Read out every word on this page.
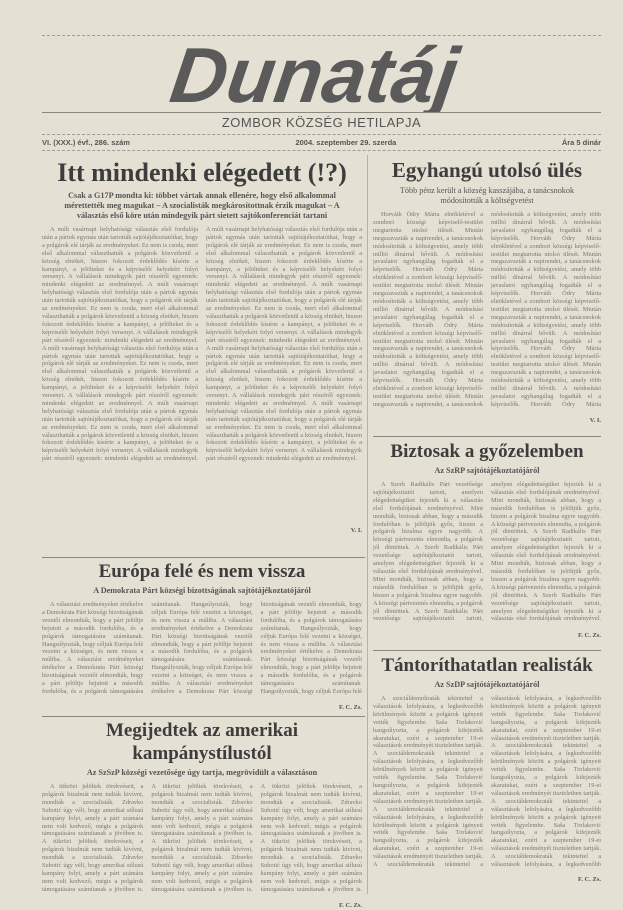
Dunatáj
ZOMBOR KÖZSÉG HETILAPJA
VI. (XXX.) évf., 286. szám	2004. szeptember 29. szerda	Ára 5 dinár
Itt mindenki elégedett (!?)
Csak a G17P mondta ki: többet vártak annak ellenére, hogy első alkalommal mérettették meg magukat – A szocialisták megkárosítottnak érzik magukat – A választás első köre után mindegyik párt sietett sajtókonferenciát tartani
A múlt vasárnapi helyhatósági választás első fordulója után a pártok egymás után tartották sajtótájékoztatóikat, hogy a polgárok elé tárják az eredményeket. Ez nem is csoda, mert első alkalommal választhatták a polgárok közvetlenül a község elnökét, hiszen fokozott érdeklődés kísérte a kampányt, a jelölteket és a képviselői helyekért folyó versenyt. A vállalások mindegyik párt részéről egyeznek: mindenki elégedett az eredménnyel. A múlt vasárnapi helyhatósági választás első fordulója után a pártok egymás után tartották sajtótájékoztatóikat, hogy a polgárok elé tárják az eredményeket. Ez nem is csoda, mert első alkalommal választhatták a polgárok közvetlenül a község elnökét, hiszen fokozott érdeklődés kísérte a kampányt, a jelölteket és a képviselői helyekért folyó versenyt. A vállalások mindegyik párt részéről egyeznek: mindenki elégedett az eredménnyel. A múlt vasárnapi helyhatósági választás első fordulója után a pártok egymás után tartották sajtótájékoztatóikat, hogy a polgárok elé tárják az eredményeket. Ez nem is csoda, mert első alkalommal választhatták a polgárok közvetlenül a község elnökét, hiszen fokozott érdeklődés kísérte a kampányt, a jelölteket és a képviselői helyekért folyó versenyt. A vállalások mindegyik párt részéről egyeznek: mindenki elégedett az eredménnyel. A múlt vasárnapi helyhatósági választás első fordulója után a pártok egymás után tartották sajtótájékoztatóikat, hogy a polgárok elé tárják az eredményeket. Ez nem is csoda, mert első alkalommal választhatták a polgárok közvetlenül a község elnökét, hiszen fokozott érdeklődés kísérte a kampányt, a jelölteket és a képviselői helyekért folyó versenyt. A vállalások mindegyik párt részéről egyeznek: mindenki elégedett az eredménnyel. A múlt vasárnapi helyhatósági választás első fordulója után a pártok egymás után tartották sajtótájékoztatóikat, hogy a polgárok elé tárják az eredményeket. Ez nem is csoda, mert első alkalommal választhatták a polgárok közvetlenül a község elnökét, hiszen fokozott érdeklődés kísérte a kampányt, a jelölteket és a képviselői helyekért folyó versenyt. A vállalások mindegyik párt részéről egyeznek: mindenki elégedett az eredménnyel. A múlt vasárnapi helyhatósági választás első fordulója után a pártok egymás után tartották sajtótájékoztatóikat, hogy a polgárok elé tárják az eredményeket. Ez nem is csoda, mert első alkalommal választhatták a polgárok közvetlenül a község elnökét, hiszen fokozott érdeklődés kísérte a kampányt, a jelölteket és a képviselői helyekért folyó versenyt. A vállalások mindegyik párt részéről egyeznek: mindenki elégedett az eredménnyel. A múlt vasárnapi helyhatósági választás első fordulója után a pártok egymás után tartották sajtótájékoztatóikat, hogy a polgárok elé tárják az eredményeket. Ez nem is csoda, mert első alkalommal választhatták a polgárok közvetlenül a község elnökét, hiszen fokozott érdeklődés kísérte a kampányt, a jelölteket és a képviselői helyekért folyó versenyt. A vállalások mindegyik párt részéről egyeznek: mindenki elégedett az eredménnyel. A múlt vasárnapi helyhatósági választás első fordulója után a pártok egymás után tartották sajtótájékoztatóikat, hogy a polgárok elé tárják az eredményeket. Ez nem is csoda, mert első alkalommal választhatták a polgárok közvetlenül a község elnökét, hiszen fokozott érdeklődés kísérte a kampányt, a jelölteket és a képviselői helyekért folyó versenyt. A vállalások mindegyik párt részéről egyeznek: mindenki elégedett az eredménnyel.
V. I.
Egyhangú utolsó ülés
Több pénz került a község kasszájába, a tanácsnokok módosították a költségvetést
Horváth Ódry Márta elnökletével a zombori községi képviselő-testület megtartotta utolsó ülését. Miután megszavazták a napirendet, a tanácsnokok módosították a költségvetést, amely több millió dinárral bővült. A módosítási javaslatot egyhangúlag fogadták el a képviselők. Horváth Ódry Márta elnökletével a zombori községi képviselő-testület megtartotta utolsó ülését. Miután megszavazták a napirendet, a tanácsnokok módosították a költségvetést, amely több millió dinárral bővült. A módosítási javaslatot egyhangúlag fogadták el a képviselők. Horváth Ódry Márta elnökletével a zombori községi képviselő-testület megtartotta utolsó ülését. Miután megszavazták a napirendet, a tanácsnokok módosították a költségvetést, amely több millió dinárral bővült. A módosítási javaslatot egyhangúlag fogadták el a képviselők. Horváth Ódry Márta elnökletével a zombori községi képviselő-testület megtartotta utolsó ülését. Miután megszavazták a napirendet, a tanácsnokok módosították a költségvetést, amely több millió dinárral bővült. A módosítási javaslatot egyhangúlag fogadták el a képviselők. Horváth Ódry Márta elnökletével a zombori községi képviselő-testület megtartotta utolsó ülését. Miután megszavazták a napirendet, a tanácsnokok módosították a költségvetést, amely több millió dinárral bővült. A módosítási javaslatot egyhangúlag fogadták el a képviselők. Horváth Ódry Márta elnökletével a zombori községi képviselő-testület megtartotta utolsó ülését. Miután megszavazták a napirendet, a tanácsnokok módosították a költségvetést, amely több millió dinárral bővült. A módosítási javaslatot egyhangúlag fogadták el a képviselők. Horváth Ódry Márta elnökletével a zombori községi képviselő-testület megtartotta utolsó ülését. Miután megszavazták a napirendet, a tanácsnokok módosították a költségvetést, amely több millió dinárral bővült. A módosítási javaslatot egyhangúlag fogadták el a képviselők. Horváth Ódry Márta
V. I.
Biztosak a győzelemben
Az SzRP sajtótájékoztatójáról
A Szerb Radikális Párt vezetősége sajtótájékoztatót tartott, amelyen elégedettségüket fejezték ki a választás első fordulójának eredményével. Mint mondták, biztosak abban, hogy a második fordulóban is jelöltjük győz, hiszen a polgárok bizalma egyre nagyobb. A községi pártvezetés elmondta, a polgárok jól döntöttek. A Szerb Radikális Párt vezetősége sajtótájékoztatót tartott, amelyen elégedettségüket fejezték ki a választás első fordulójának eredményével. Mint mondták, biztosak abban, hogy a második fordulóban is jelöltjük győz, hiszen a polgárok bizalma egyre nagyobb. A községi pártvezetés elmondta, a polgárok jól döntöttek. A Szerb Radikális Párt vezetősége sajtótájékoztatót tartott, amelyen elégedettségüket fejezték ki a választás első fordulójának eredményével. Mint mondták, biztosak abban, hogy a második fordulóban is jelöltjük győz, hiszen a polgárok bizalma egyre nagyobb. A községi pártvezetés elmondta, a polgárok jól döntöttek. A Szerb Radikális Párt vezetősége sajtótájékoztatót tartott, amelyen elégedettségüket fejezték ki a választás első fordulójának eredményével. Mint mondták, biztosak abban, hogy a második fordulóban is jelöltjük győz, hiszen a polgárok bizalma egyre nagyobb. A községi pártvezetés elmondta, a polgárok jól döntöttek. A Szerb Radikális Párt vezetősége sajtótájékoztatót tartott, amelyen elégedettségüket fejezték ki a választás első fordulójának eredményével.
F. C. Zs.
Európa felé és nem vissza
A Demokrata Párt községi bizottságának sajtótájékoztatójáról
A választási eredményeket értékelve a Demokrata Párt községi bizottságának vezetői elmondták, hogy a párt jelöltje bejutott a második fordulóba, és a polgárok támogatására számítanak. Hangsúlyozták, hogy céljuk Európa felé vezetni a községet, és nem vissza a múltba. A választási eredményeket értékelve a Demokrata Párt községi bizottságának vezetői elmondták, hogy a párt jelöltje bejutott a második fordulóba, és a polgárok támogatására számítanak. Hangsúlyozták, hogy céljuk Európa felé vezetni a községet, és nem vissza a múltba. A választási eredményeket értékelve a Demokrata Párt községi bizottságának vezetői elmondták, hogy a párt jelöltje bejutott a második fordulóba, és a polgárok támogatására számítanak. Hangsúlyozták, hogy céljuk Európa felé vezetni a községet, és nem vissza a múltba. A választási eredményeket értékelve a Demokrata Párt községi bizottságának vezetői elmondták, hogy a párt jelöltje bejutott a második fordulóba, és a polgárok támogatására számítanak. Hangsúlyozták, hogy céljuk Európa felé vezetni a községet, és nem vissza a múltba. A választási eredményeket értékelve a Demokrata Párt községi bizottságának vezetői elmondták, hogy a párt jelöltje bejutott a második fordulóba, és a polgárok támogatására számítanak. Hangsúlyozták, hogy céljuk Európa felé
F. C. Zs.
Tántoríthatatlan realisták
Az SzDP sajtótájékoztatójáról
A szociáldemokraták tekintettel a választások lefolyására, a legkedvezőbb körülmények között a polgárok igényeit vették figyelembe. Saša Torlaković hangsúlyozta, a polgárok kifejezték akaratukat, ezért a szeptember 19-ei választások eredményét tiszteletben tartják. A szociáldemokraták tekintettel a választások lefolyására, a legkedvezőbb körülmények között a polgárok igényeit vették figyelembe. Saša Torlaković hangsúlyozta, a polgárok kifejezték akaratukat, ezért a szeptember 19-ei választások eredményét tiszteletben tartják. A szociáldemokraták tekintettel a választások lefolyására, a legkedvezőbb körülmények között a polgárok igényeit vették figyelembe. Saša Torlaković hangsúlyozta, a polgárok kifejezték akaratukat, ezért a szeptember 19-ei választások eredményét tiszteletben tartják. A szociáldemokraták tekintettel a választások lefolyására, a legkedvezőbb körülmények között a polgárok igényeit vették figyelembe. Saša Torlaković hangsúlyozta, a polgárok kifejezték akaratukat, ezért a szeptember 19-ei választások eredményét tiszteletben tartják. A szociáldemokraták tekintettel a választások lefolyására, a legkedvezőbb körülmények között a polgárok igényeit vették figyelembe. Saša Torlaković hangsúlyozta, a polgárok kifejezték akaratukat, ezért a szeptember 19-ei választások eredményét tiszteletben tartják. A szociáldemokraták tekintettel a választások lefolyására, a legkedvezőbb körülmények között a polgárok igényeit vették figyelembe. Saša Torlaković hangsúlyozta, a polgárok kifejezték akaratukat, ezért a szeptember 19-ei választások eredményét tiszteletben tartják. A szociáldemokraták tekintettel a választások lefolyására, a legkedvezőbb
F. C. Zs.
Megijedtek az amerikai kampánystílustól
Az SzSzP községi vezetősége úgy tartja, megrövidült a választáson
A tükrözi jelöltek törekvéseit, a polgárok bizalmát nem tudták kivívni, mondták a szocialisták. Zdravko Subotić úgy véli, hogy amerikai stílusú kampány folyt, amely a párt számára nem volt kedvező, mégis a polgárok támogatására számítanak a jövőben is. A tükrözi jelöltek törekvéseit, a polgárok bizalmát nem tudták kivívni, mondták a szocialisták. Zdravko Subotić úgy véli, hogy amerikai stílusú kampány folyt, amely a párt számára nem volt kedvező, mégis a polgárok támogatására számítanak a jövőben is. A tükrözi jelöltek törekvéseit, a polgárok bizalmát nem tudták kivívni, mondták a szocialisták. Zdravko Subotić úgy véli, hogy amerikai stílusú kampány folyt, amely a párt számára nem volt kedvező, mégis a polgárok támogatására számítanak a jövőben is. A tükrözi jelöltek törekvéseit, a polgárok bizalmát nem tudták kivívni, mondták a szocialisták. Zdravko Subotić úgy véli, hogy amerikai stílusú kampány folyt, amely a párt számára nem volt kedvező, mégis a polgárok támogatására számítanak a jövőben is. A tükrözi jelöltek törekvéseit, a polgárok bizalmát nem tudták kivívni, mondták a szocialisták. Zdravko Subotić úgy véli, hogy amerikai stílusú kampány folyt, amely a párt számára nem volt kedvező, mégis a polgárok támogatására számítanak a jövőben is. A tükrözi jelöltek törekvéseit, a polgárok bizalmát nem tudták kivívni, mondták a szocialisták. Zdravko Subotić úgy véli, hogy amerikai stílusú kampány folyt, amely a párt számára nem volt kedvező, mégis a polgárok támogatására számítanak a jövőben is.
F. C. Zs.
